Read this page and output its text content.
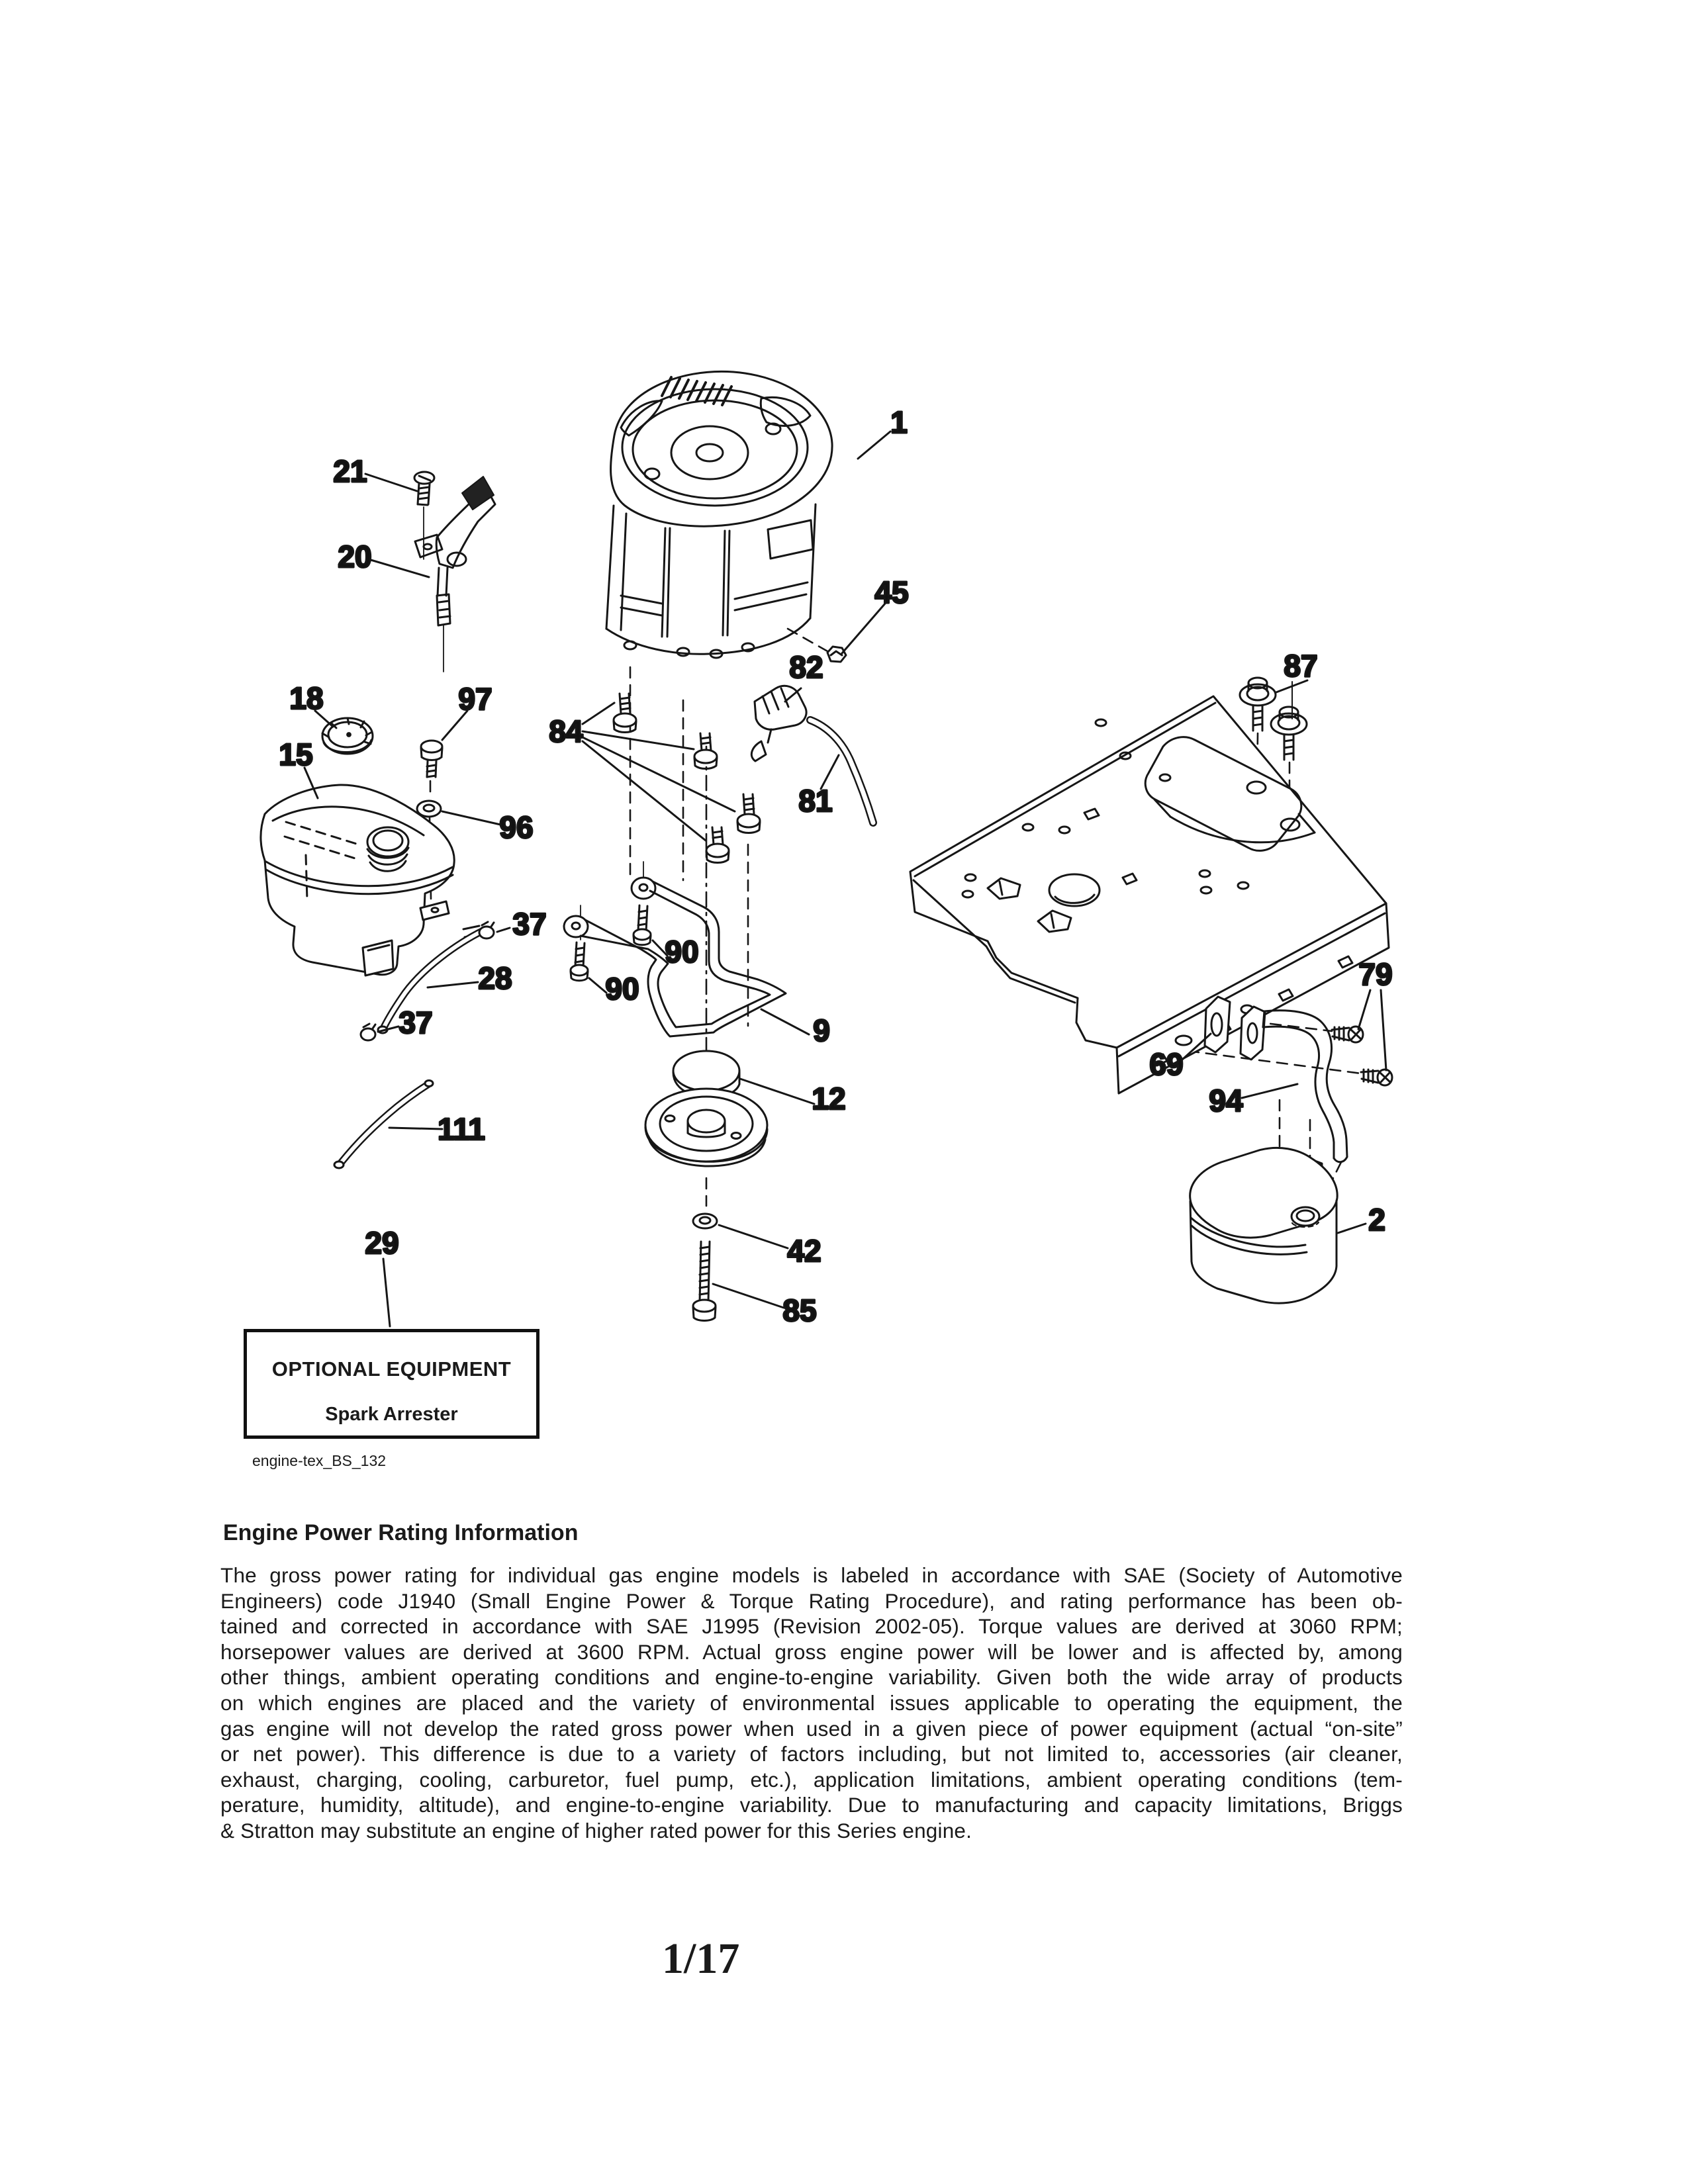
1
21
20
45
87
82
81
84
18	97
15
96
37
28
37
90
90
9
12
42
85
111
29
79
69
94
2
OPTIONAL EQUIPMENT
Spark Arrester
engine-tex_BS_132
Engine Power Rating Information
The gross power rating for individual gas engine models is labeled in accordance with SAE (Society of Automotive
Engineers) code J1940 (Small Engine Power & Torque Rating Procedure), and rating performance has been ob-
tained and corrected in accordance with SAE J1995 (Revision 2002-05). Torque values are derived at 3060 RPM;
horsepower values are derived at 3600 RPM. Actual gross engine power will be lower and is affected by, among
other things, ambient operating conditions and engine-to-engine variability. Given both the wide array of products
on which engines are placed and the variety of environmental issues applicable to operating the equipment, the
gas engine will not develop the rated gross power when used in a given piece of power equipment (actual “on-site”
or net power). This difference is due to a variety of factors including, but not limited to, accessories (air cleaner,
exhaust, charging, cooling, carburetor, fuel pump, etc.), application limitations, ambient operating conditions (tem-
perature, humidity, altitude), and engine-to-engine variability. Due to manufacturing and capacity limitations, Briggs
& Stratton may substitute an engine of higher rated power for this Series engine.
1/17
